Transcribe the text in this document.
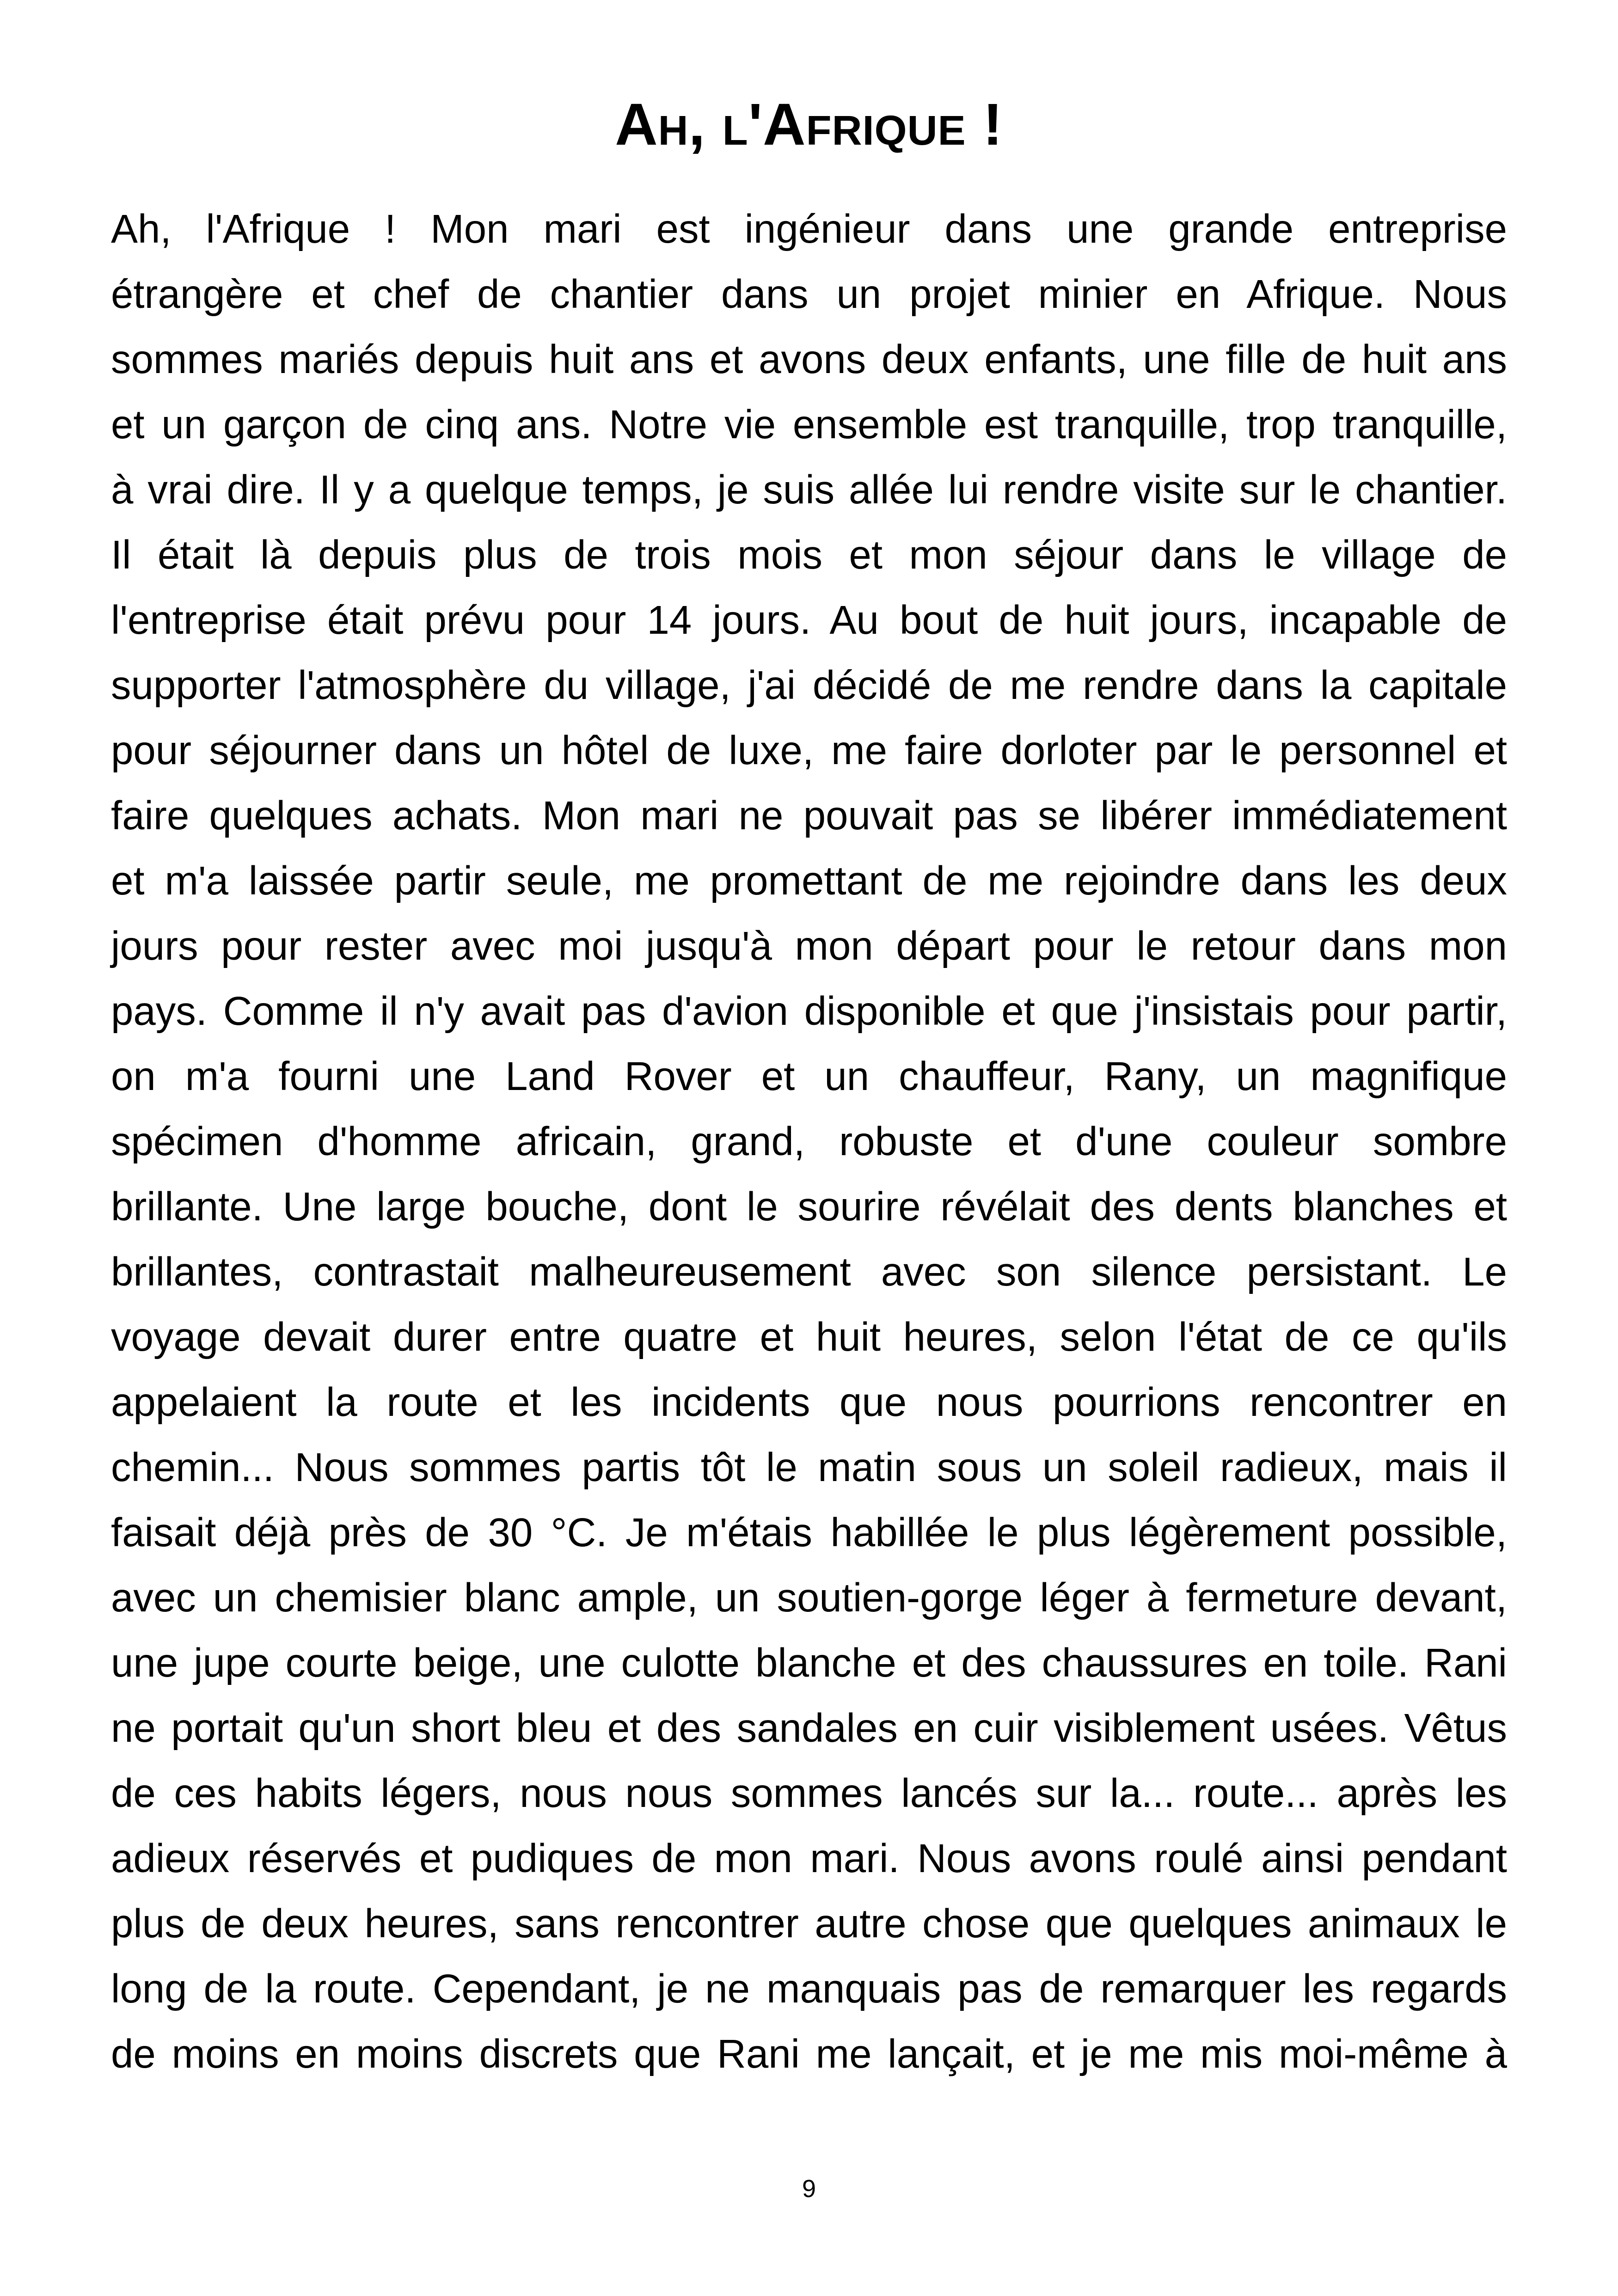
Ah, l'Afrique !
Ah, l'Afrique ! Mon mari est ingénieur dans une grande entreprise
étrangère et chef de chantier dans un projet minier en Afrique. Nous
sommes mariés depuis huit ans et avons deux enfants, une fille de huit ans
et un garçon de cinq ans. Notre vie ensemble est tranquille, trop tranquille,
à vrai dire. Il y a quelque temps, je suis allée lui rendre visite sur le chantier.
Il était là depuis plus de trois mois et mon séjour dans le village de
l'entreprise était prévu pour 14 jours. Au bout de huit jours, incapable de
supporter l'atmosphère du village, j'ai décidé de me rendre dans la capitale
pour séjourner dans un hôtel de luxe, me faire dorloter par le personnel et
faire quelques achats. Mon mari ne pouvait pas se libérer immédiatement
et m'a laissée partir seule, me promettant de me rejoindre dans les deux
jours pour rester avec moi jusqu'à mon départ pour le retour dans mon
pays. Comme il n'y avait pas d'avion disponible et que j'insistais pour partir,
on m'a fourni une Land Rover et un chauffeur, Rany, un magnifique
spécimen d'homme africain, grand, robuste et d'une couleur sombre
brillante. Une large bouche, dont le sourire révélait des dents blanches et
brillantes, contrastait malheureusement avec son silence persistant. Le
voyage devait durer entre quatre et huit heures, selon l'état de ce qu'ils
appelaient la route et les incidents que nous pourrions rencontrer en
chemin... Nous sommes partis tôt le matin sous un soleil radieux, mais il
faisait déjà près de 30 °C. Je m'étais habillée le plus légèrement possible,
avec un chemisier blanc ample, un soutien-gorge léger à fermeture devant,
une jupe courte beige, une culotte blanche et des chaussures en toile. Rani
ne portait qu'un short bleu et des sandales en cuir visiblement usées. Vêtus
de ces habits légers, nous nous sommes lancés sur la... route... après les
adieux réservés et pudiques de mon mari. Nous avons roulé ainsi pendant
plus de deux heures, sans rencontrer autre chose que quelques animaux le
long de la route. Cependant, je ne manquais pas de remarquer les regards
de moins en moins discrets que Rani me lançait, et je me mis moi-même à
9
